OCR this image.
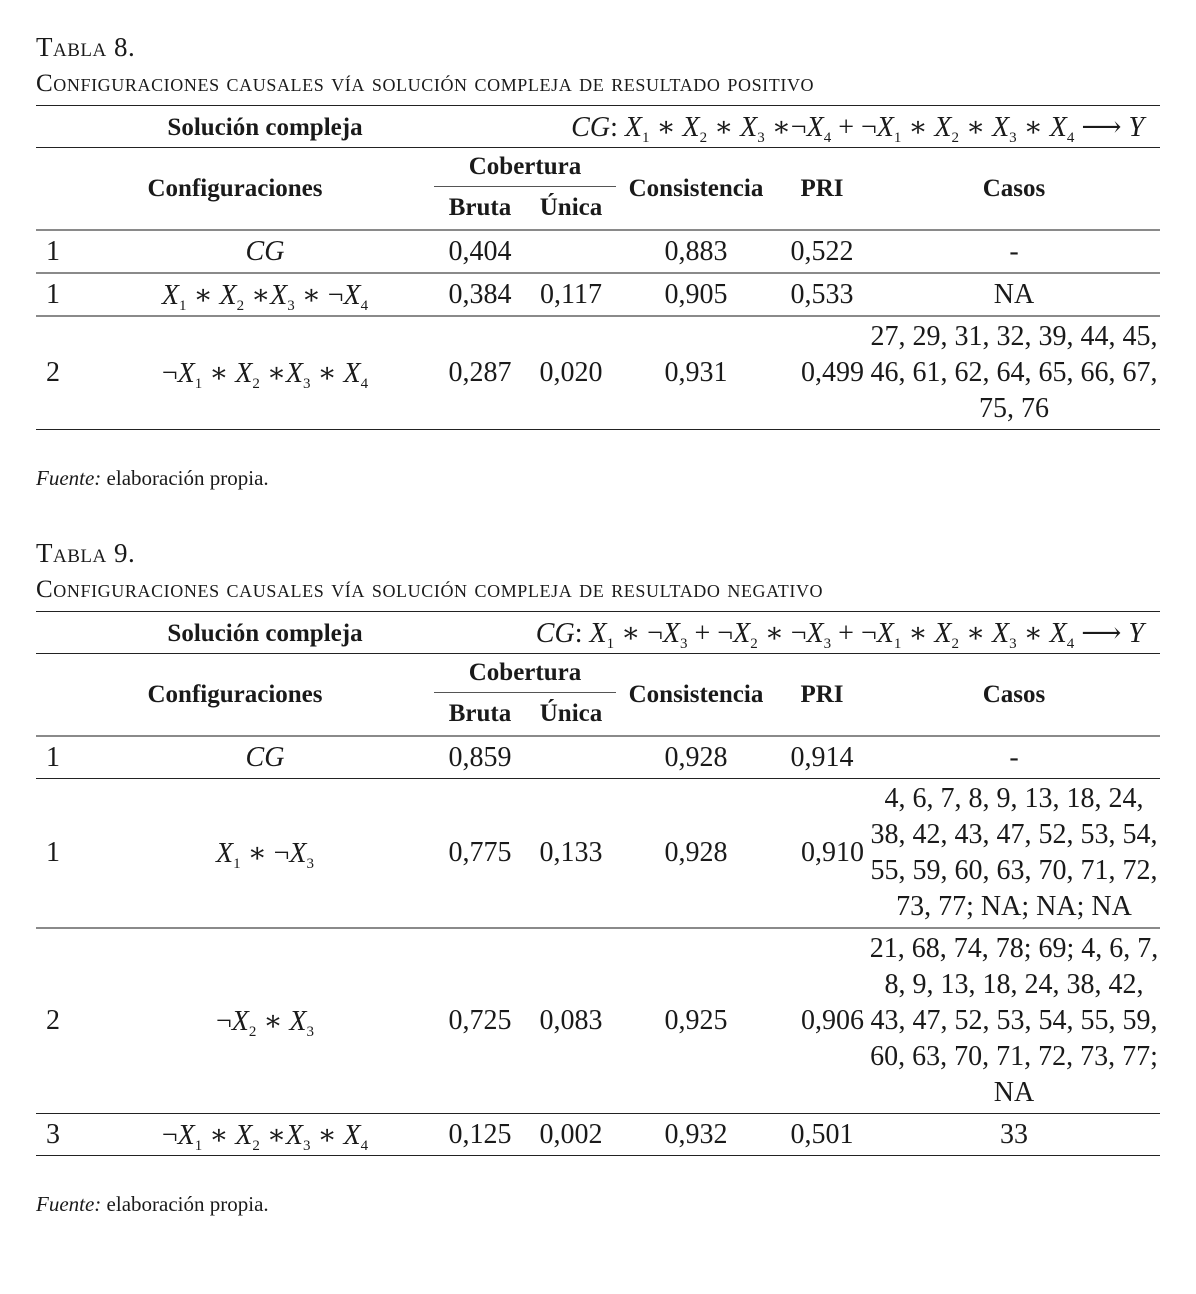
Tabla 8.
Configuraciones causales vía solución compleja de resultado positivo
Solución compleja		CG: $X_1$ ∗ $X_2$ ∗ $X_3$ $∗\neg X_4$ + $\neg X_1$ ∗ $X_2$ ∗ $X_3$ ∗ $X_4$ ⟶ Y				
Configuraciones		Cobertura		Consistencia	PRI	Casos
		Bruta	Única			
1	CG	0,404		0,883	0,522	-
1	$X_1$ ∗ $X_2$ $∗X_3$ ∗ $\neg X_4$	0,384	0,117	0,905	0,533	NA
2	$\neg X_1$ ∗ $X_2$ $∗X_3$ ∗ $X_4$	0,287	0,020	0,931	0,499	27, 29, 31, 32, 39, 44, 45, 46, 61, 62, 64, 65, 66, 67, 75, 76
Fuente: elaboración propia.
Tabla 9.
Configuraciones causales vía solución compleja de resultado negativo
Solución compleja		CG: $X_1$ ∗ $\neg X_3$ + $\neg X_2$ ∗ $\neg X_3$ + $\neg X_1$ ∗ $X_2$ ∗ $X_3$ ∗ $X_4$ ⟶ Y				
Configuraciones		Cobertura		Consistencia	PRI	Casos
		Bruta	Única			
1	CG	0,859		0,928	0,914	-
1	$X_1$ ∗ $\neg X_3$	0,775	0,133	0,928	0,910	4, 6, 7, 8, 9, 13, 18, 24, 38, 42, 43, 47, 52, 53, 54, 55, 59, 60, 63, 70, 71, 72, 73, 77; NA; NA; NA
2	$\neg X_2$ ∗ $X_3$	0,725	0,083	0,925	0,906	21, 68, 74, 78; 69; 4, 6, 7, 8, 9, 13, 18, 24, 38, 42, 43, 47, 52, 53, 54, 55, 59, 60, 63, 70, 71, 72, 73, 77; NA
3	$\neg X_1$ ∗ $X_2$ $∗X_3$ ∗ $X_4$	0,125	0,002	0,932	0,501	33
Fuente: elaboración propia.
